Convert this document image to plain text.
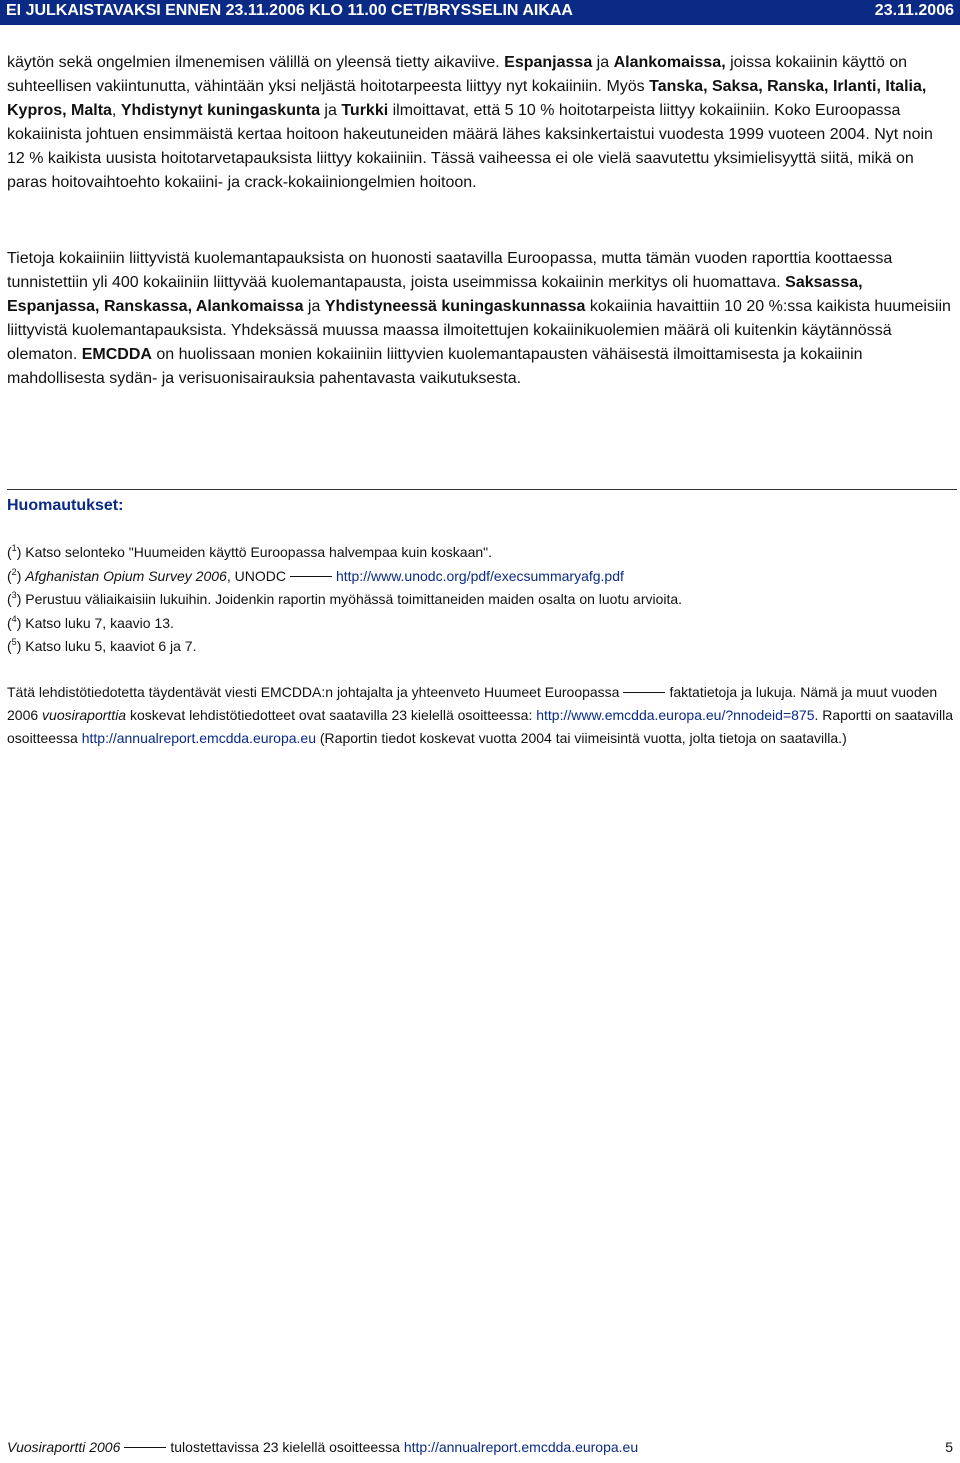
EI JULKAISTAVAKSI ENNEN 23.11.2006 KLO 11.00 CET/BRYSSELIN AIKAA	23.11.2006

käytön sekä ongelmien ilmenemisen välillä on yleensä tietty aikaviive. Espanjassa ja Alankomaissa, joissa kokaiinin käyttö on suhteellisen vakiintunutta, vähintään yksi neljästä hoitotarpeesta liittyy nyt kokaiiniin. Myös Tanska, Saksa, Ranska, Irlanti, Italia, Kypros, Malta, Yhdistynyt kuningaskunta ja Turkki ilmoittavat, että 5 10 % hoitotarpeista liittyy kokaiiniin. Koko Euroopassa kokaiinista johtuen ensimmäistä kertaa hoitoon hakeutuneiden määrä lähes kaksinkertaistui vuodesta 1999 vuoteen 2004. Nyt noin 12 % kaikista uusista hoitotarvetapauksista liittyy kokaiiniin. Tässä vaiheessa ei ole vielä saavutettu yksimielisyyttä siitä, mikä on paras hoitovaihtoehto kokaiini- ja crack-kokaiiniongelmien hoitoon.

Tietoja kokaiiniin liittyvistä kuolemantapauksista on huonosti saatavilla Euroopassa, mutta tämän vuoden raporttia koottaessa tunnistettiin yli 400 kokaiiniin liittyvää kuolemantapausta, joista useimmissa kokaiinin merkitys oli huomattava. Saksassa, Espanjassa, Ranskassa, Alankomaissa ja Yhdistyneessä kuningaskunnassa kokaiinia havaittiin 10 20 %:ssa kaikista huumeisiin liittyvistä kuolemantapauksista. Yhdeksässä muussa maassa ilmoitettujen kokaiinikuolemien määrä oli kuitenkin käytännössä olematon. EMCDDA on huolissaan monien kokaiiniin liittyvien kuolemantapausten vähäisestä ilmoittamisesta ja kokaiinin mahdollisesta sydän- ja verisuonisairauksia pahentavasta vaikutuksesta.

Huomautukset:
($^1$) Katso selonteko "Huumeiden käyttö Euroopassa halvempaa kuin koskaan".
($^2$) Afghanistan Opium Survey 2006, UNODC	http://www.unodc.org/pdf/execsummaryafg.pdf
($^3$) Perustuu väliaikaisiin lukuihin. Joidenkin raportin myöhässä toimittaneiden maiden osalta on luotu arvioita.
($^4$) Katso luku 7, kaavio 13.
($^5$) Katso luku 5, kaaviot 6 ja 7.
Tätä lehdistötiedotetta täydentävät viesti EMCDDA:n johtajalta ja yhteenveto Huumeet Euroopassa	faktatietoja ja lukuja. Nämä ja muut vuoden 2006 vuosiraporttia koskevat lehdistötiedotteet ovat saatavilla 23 kielellä osoitteessa: http://www.emcdda.europa.eu/?nnodeid=875. Raportti on saatavilla osoitteessa http://annualreport.emcdda.europa.eu (Raportin tiedot koskevat vuotta 2004 tai viimeisintä vuotta, jolta tietoja on saatavilla.)
Vuosiraportti 2006	tulostettavissa 23 kielellä osoitteessa http://annualreport.emcdda.europa.eu	5
